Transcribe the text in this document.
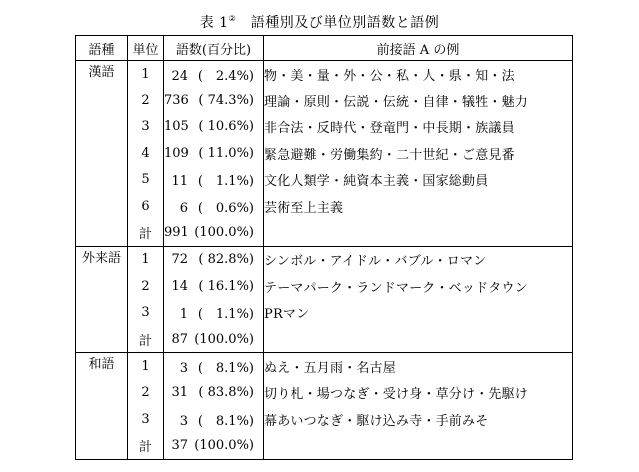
表 1②　語種別及び単位別語数と語例
語種	単位	語数(百分比)	前接語 A の例
漢語	1	24 (　2.4%)	物・美・量・外・公・私・人・県・知・法
	2	736 ( 74.3%)	理論・原則・伝説・伝統・自律・犠牲・魅力
	3	105 ( 10.6%)	非合法・反時代・登竜門・中長期・族議員
	4	109 ( 11.0%)	緊急避難・労働集約・二十世紀・ご意見番
	5	11 (　1.1%)	文化人類学・純資本主義・国家総動員
	6	6 (　0.6%)	芸術至上主義
	計	991 (100.0%)	
外来語	1	72 ( 82.8%)	シンボル・アイドル・バブル・ロマン
	2	14 ( 16.1%)	テーマパーク・ランドマーク・ベッドタウン
	3	1 (　1.1%)	PRマン
	計	87 (100.0%)	
和語	1	3 (　8.1%)	ぬえ・五月雨・名古屋
	2	31 ( 83.8%)	切り札・場つなぎ・受け身・草分け・先駆け
	3	3 (　8.1%)	幕あいつなぎ・駆け込み寺・手前みそ
	計	37 (100.0%)	
